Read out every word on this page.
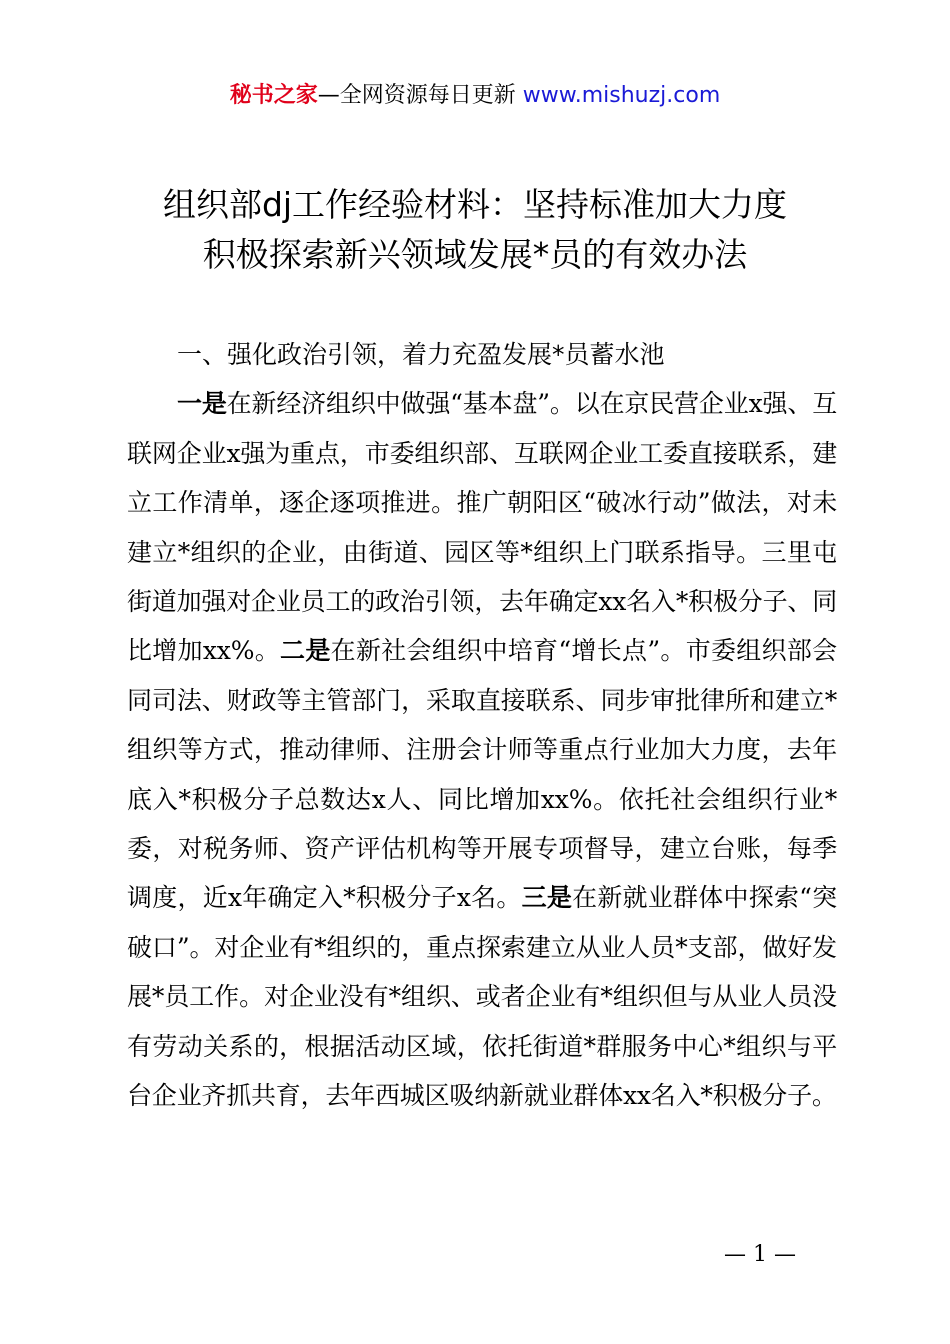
秘书之家—全网资源每日更新 www.mishuzj.com
组织部dj工作经验材料：坚持标准加大力度
积极探索新兴领域发展*员的有效办法

一、强化政治引领，着力充盈发展*员蓄水池

一是在新经济组织中做强“基本盘”。以在京民营企业x强、互联网企业x强为重点，市委组织部、互联网企业工委直接联系，建立工作清单，逐企逐项推进。推广朝阳区“破冰行动”做法，对未建立*组织的企业，由街道、园区等*组织上门联系指导。三里屯街道加强对企业员工的政治引领，去年确定xx名入*积极分子、同比增加xx%。二是在新社会组织中培育“增长点”。市委组织部会同司法、财政等主管部门，采取直接联系、同步审批律所和建立*组织等方式，推动律师、注册会计师等重点行业加大力度，去年底入*积极分子总数达x人、同比增加xx%。依托社会组织行业*委，对税务师、资产评估机构等开展专项督导，建立台账，每季调度，近x年确定入*积极分子x名。三是在新就业群体中探索“突破口”。对企业有*组织的，重点探索建立从业人员*支部，做好发展*员工作。对企业没有*组织、或者企业有*组织但与从业人员没有劳动关系的，根据活动区域，依托街道*群服务中心*组织与平台企业齐抓共育，去年西城区吸纳新就业群体xx名入*积极分子。

— 1 —
